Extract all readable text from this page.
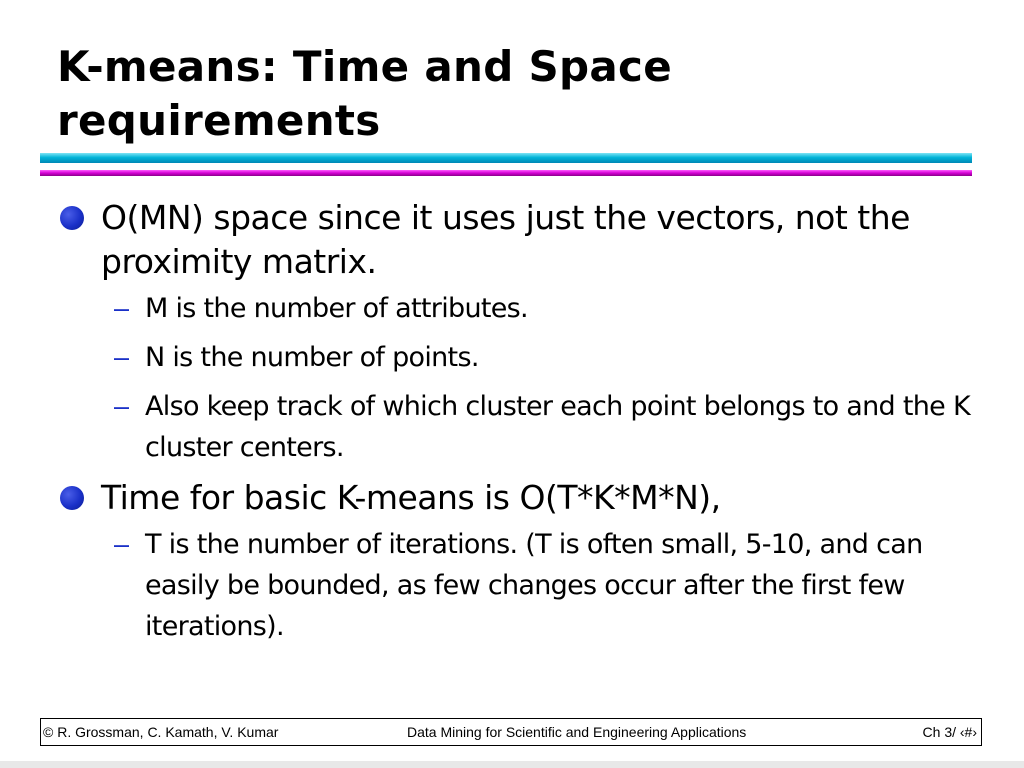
K-means: Time and Space requirements
O(MN) space since it uses just the vectors, not the proximity matrix.
– M is the number of attributes.
– N is the number of points.
– Also keep track of which cluster each point belongs to and the K cluster centers.
Time for basic K-means is O(T*K*M*N),
– T is the number of iterations. (T is often small, 5-10, and can easily be bounded, as few changes occur after the first few iterations).
© R. Grossman, C. Kamath, V. Kumar	Data Mining for Scientific and Engineering Applications	Ch 3/ ‹#›
